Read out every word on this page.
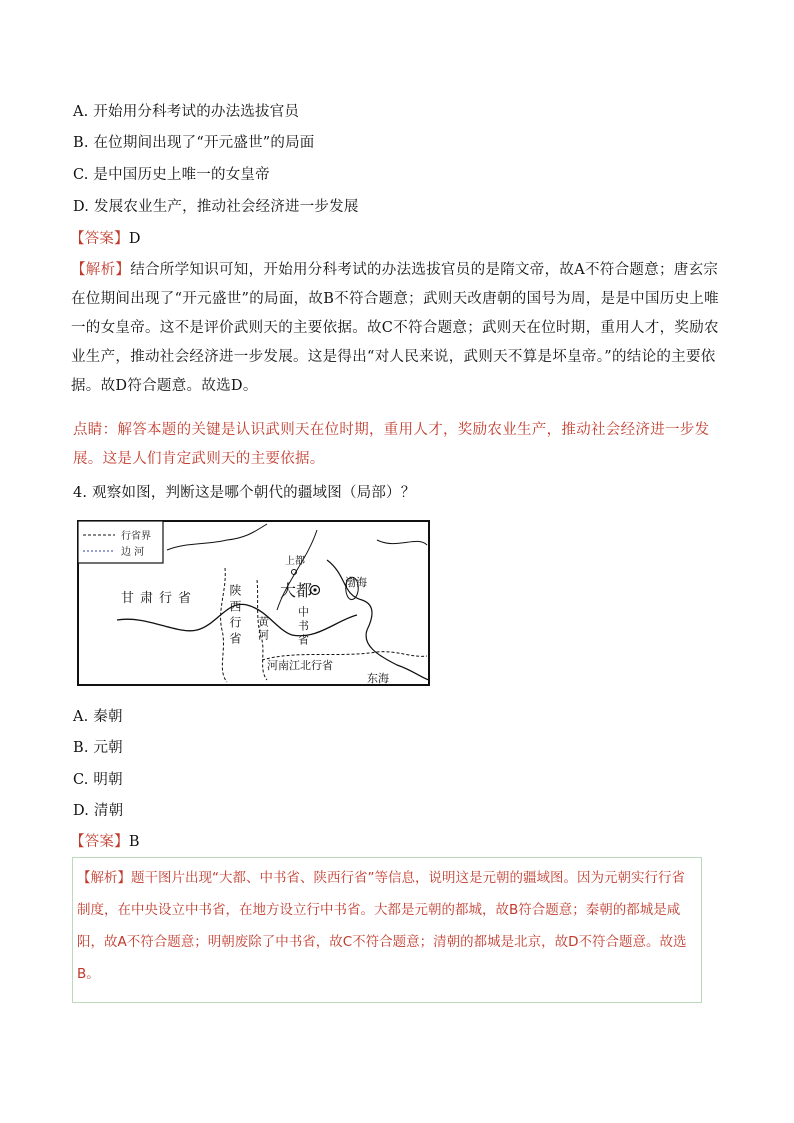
A. 开始用分科考试的办法选拔官员
B. 在位期间出现了“开元盛世”的局面
C. 是中国历史上唯一的女皇帝
D. 发展农业生产，推动社会经济进一步发展
【答案】D
【解析】结合所学知识可知，开始用分科考试的办法选拔官员的是隋文帝，故A不符合题意；唐玄宗在位期间出现了“开元盛世”的局面，故B不符合题意；武则天改唐朝的国号为周，是是中国历史上唯一的女皇帝。这不是评价武则天的主要依据。故C不符合题意；武则天在位时期，重用人才，奖励农业生产，推动社会经济进一步发展。这是得出“对人民来说，武则天不算是坏皇帝。”的结论的主要依据。故D符合题意。故选D。
点睛：解答本题的关键是认识武则天在位时期，重用人才，奖励农业生产，推动社会经济进一步发展。这是人们肯定武则天的主要依据。
4. 观察如图，判断这是哪个朝代的疆域图（局部）？
行省界
边 河
上都
大都
甘肃行省
渤海
东海
河南江北行省
陕西行省 黄河 中书省
A. 秦朝
B. 元朝
C. 明朝
D. 清朝
【答案】B
【解析】题干图片出现“大都、中书省、陕西行省”等信息，说明这是元朝的疆域图。因为元朝实行行省制度，在中央设立中书省，在地方设立行中书省。大都是元朝的都城，故B符合题意；秦朝的都城是咸阳，故A不符合题意；明朝废除了中书省，故C不符合题意；清朝的都城是北京，故D不符合题意。故选B。
